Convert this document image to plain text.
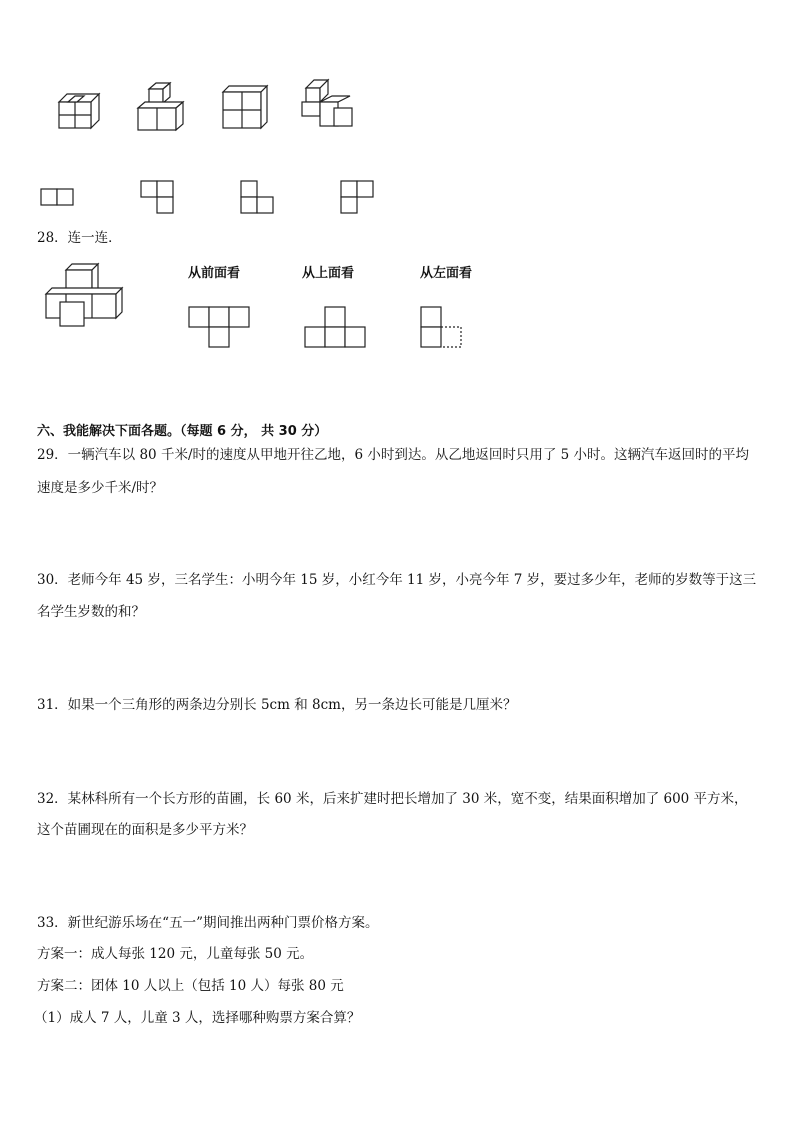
28．连一连．
从前面看	从上面看	从左面看
六、我能解决下面各题。（每题 6 分， 共 30 分）
29．一辆汽车以 80 千米/时的速度从甲地开往乙地，6 小时到达。从乙地返回时只用了 5 小时。这辆汽车返回时的平均
速度是多少千米/时？
30．老师今年 45 岁，三名学生：小明今年 15 岁，小红今年 11 岁，小亮今年 7 岁，要过多少年，老师的岁数等于这三
名学生岁数的和？
31．如果一个三角形的两条边分别长 5cm 和 8cm，另一条边长可能是几厘米？
32．某林科所有一个长方形的苗圃，长 60 米，后来扩建时把长增加了 30 米，宽不变，结果面积增加了 600 平方米，
这个苗圃现在的面积是多少平方米？
33．新世纪游乐场在“五一”期间推出两种门票价格方案。
方案一：成人每张 120 元，儿童每张 50 元。
方案二：团体 10 人以上（包括 10 人）每张 80 元
（1）成人 7 人，儿童 3 人，选择哪种购票方案合算？
